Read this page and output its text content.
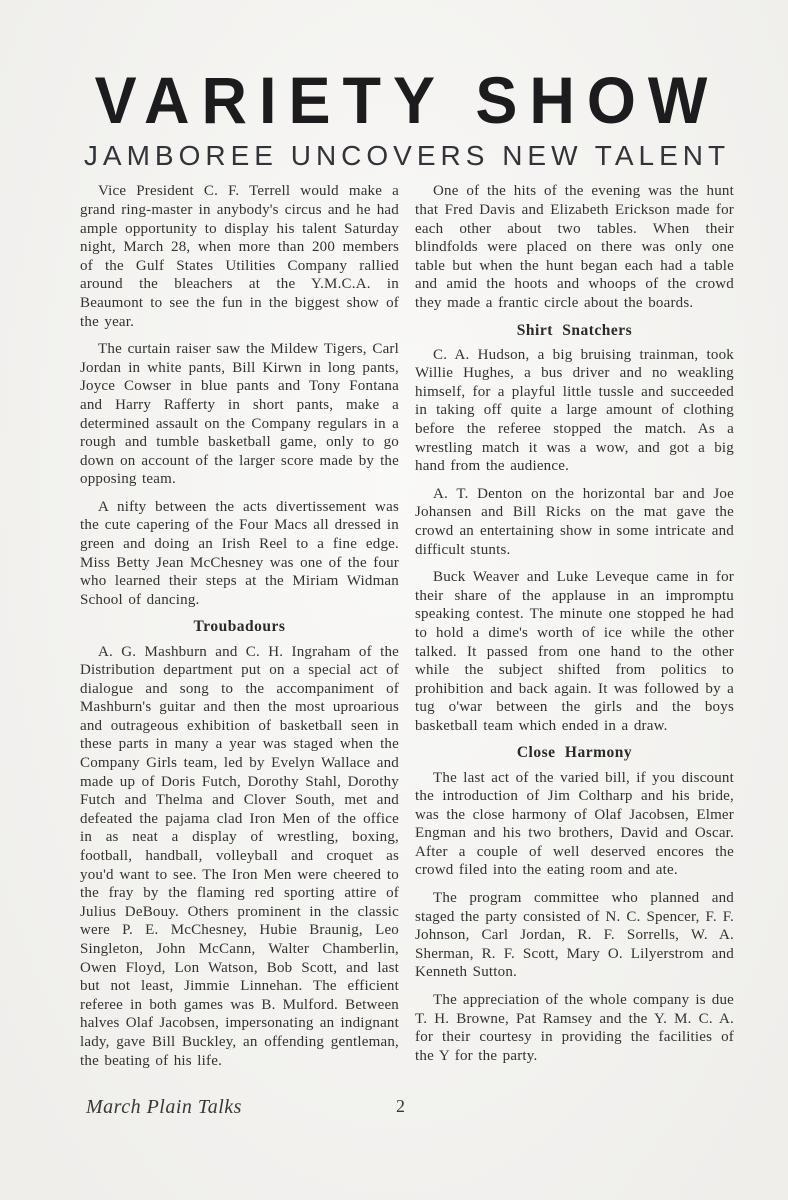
VARIETY SHOW
JAMBOREE UNCOVERS NEW TALENT

Vice President C. F. Terrell would make a grand ring-master in anybody's circus and he had ample opportunity to display his talent Saturday night, March 28, when more than 200 members of the Gulf States Utilities Company rallied around the bleachers at the Y.M.C.A. in Beaumont to see the fun in the biggest show of the year.

The curtain raiser saw the Mildew Tigers, Carl Jordan in white pants, Bill Kirwn in long pants, Joyce Cowser in blue pants and Tony Fontana and Harry Rafferty in short pants, make a determined assault on the Company regulars in a rough and tumble basketball game, only to go down on account of the larger score made by the opposing team.

A nifty between the acts divertissement was the cute capering of the Four Macs all dressed in green and doing an Irish Reel to a fine edge. Miss Betty Jean McChesney was one of the four who learned their steps at the Miriam Widman School of dancing.

Troubadours

A. G. Mashburn and C. H. Ingraham of the Distribution department put on a special act of dialogue and song to the accompaniment of Mashburn's guitar and then the most uproarious and outrageous exhibition of basketball seen in these parts in many a year was staged when the Company Girls team, led by Evelyn Wallace and made up of Doris Futch, Dorothy Stahl, Dorothy Futch and Thelma and Clover South, met and defeated the pajama clad Iron Men of the office in as neat a display of wrestling, boxing, football, handball, volleyball and croquet as you'd want to see. The Iron Men were cheered to the fray by the flaming red sporting attire of Julius DeBouy. Others prominent in the classic were P. E. McChesney, Hubie Braunig, Leo Singleton, John McCann, Walter Chamberlin, Owen Floyd, Lon Watson, Bob Scott, and last but not least, Jimmie Linnehan. The efficient referee in both games was B. Mulford. Between halves Olaf Jacobsen, impersonating an indignant lady, gave Bill Buckley, an offending gentleman, the beating of his life.

One of the hits of the evening was the hunt that Fred Davis and Elizabeth Erickson made for each other about two tables. When their blindfolds were placed on there was only one table but when the hunt began each had a table and amid the hoots and whoops of the crowd they made a frantic circle about the boards.

Shirt Snatchers

C. A. Hudson, a big bruising trainman, took Willie Hughes, a bus driver and no weakling himself, for a playful little tussle and succeeded in taking off quite a large amount of clothing before the referee stopped the match. As a wrestling match it was a wow, and got a big hand from the audience.

A. T. Denton on the horizontal bar and Joe Johansen and Bill Ricks on the mat gave the crowd an entertaining show in some intricate and difficult stunts.

Buck Weaver and Luke Leveque came in for their share of the applause in an impromptu speaking contest. The minute one stopped he had to hold a dime's worth of ice while the other talked. It passed from one hand to the other while the subject shifted from politics to prohibition and back again. It was followed by a tug o'war between the girls and the boys basketball team which ended in a draw.

Close Harmony

The last act of the varied bill, if you discount the introduction of Jim Coltharp and his bride, was the close harmony of Olaf Jacobsen, Elmer Engman and his two brothers, David and Oscar. After a couple of well deserved encores the crowd filed into the eating room and ate.

The program committee who planned and staged the party consisted of N. C. Spencer, F. F. Johnson, Carl Jordan, R. F. Sorrells, W. A. Sherman, R. F. Scott, Mary O. Lilyerstrom and Kenneth Sutton.

The appreciation of the whole company is due T. H. Browne, Pat Ramsey and the Y. M. C. A. for their courtesy in providing the facilities of the Y for the party.

March Plain Talks	2
